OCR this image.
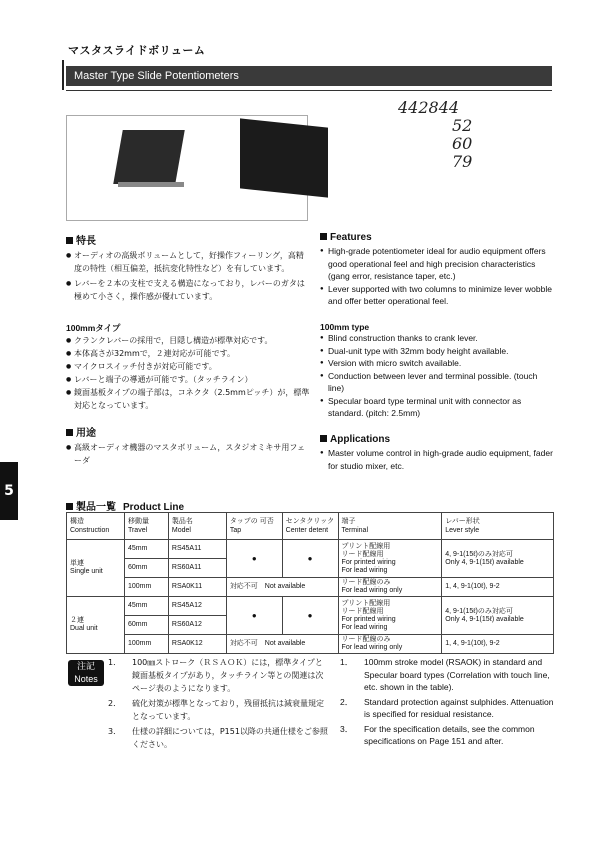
マスタスライドボリューム
Master Type Slide Potentiometers
442844
52
60
79
特長
● オーディオの高級ボリュームとして，好操作フィーリング，高精度の特性（相互偏差，抵抗変化特性など）を有しています。
● レバーを２本の支柱で支える構造になっており，レバーのガタは極めて小さく，操作感が優れています。
Features
● High-grade potentiometer ideal for audio equipment offers good operational feel and high precision characteristics (gang error, resistance taper, etc.)
● Lever supported with two columns to minimize lever wobble and offer better operational feel.
100mmタイプ
● クランクレバーの採用で，目隠し構造が標準対応です。
● 本体高さが32mmで，２連対応が可能です。
● マイクロスイッチ付きが対応可能です。
● レバーと端子の導通が可能です。（タッチライン）
● 鏡面基板タイプの端子部は，コネクタ（2.5mmピッチ）が，標準対応となっています。
100mm type
● Blind construction thanks to crank lever.
● Dual-unit type with 32mm body height available.
● Version with micro switch available.
● Conduction between lever and terminal possible. (touch line)
● Specular board type terminal unit with connector as standard. (pitch: 2.5mm)
用途
● 高級オーディオ機器のマスタボリューム，スタジオミキサ用フェーダ
Applications
● Master volume control in high-grade audio equipment, fader for studio mixer, etc.
5
製品一覧 Product Line
構造
Construction	移動量
Travel	製品名
Model	タップの 可否
Tap	センタクリック
Center detent	端子
Terminal	レバー形状
Lever style
単連
Single unit	45mm	RS45A11	●	●	プリント配線用
リード配線用
For printed wiring
For lead wiring	4, 9-1(15ℓ)のみ対応可
Only 4, 9-1(15ℓ) available
	60mm	RS60A11				
	100mm	RSA0K11	対応不可　Not available		リード配線のみ
For lead wiring only	1, 4, 9-1(10ℓ), 9-2
２連
Dual unit	45mm	RS45A12	●	●	プリント配線用
リード配線用
For printed wiring
For lead wiring	4, 9-1(15ℓ)のみ対応可
Only 4, 9-1(15ℓ) available
	60mm	RS60A12				
	100mm	RSA0K12	対応不可　Not available		リード配線のみ
For lead wiring only	1, 4, 9-1(10ℓ), 9-2
注記
Notes
1． 100㎜ストローク（ＲＳＡＯＫ）には，標準タイプと鏡面基板タイプがあり，タッチライン等との関連は次ページ表のようになります。
2． 硫化対策が標準となっており，残留抵抗は減衰量規定となっています。
3． 仕様の詳細については，P151以降の共通仕様をご参照ください。
1． 100mm stroke model (RSAOK) in standard and Specular board types (Correlation with touch line, etc. shown in the table).
2． Standard protection against sulphides. Attenuation is specified for residual resistance.
3． For the specification details, see the common specifications on Page 151 and after.
